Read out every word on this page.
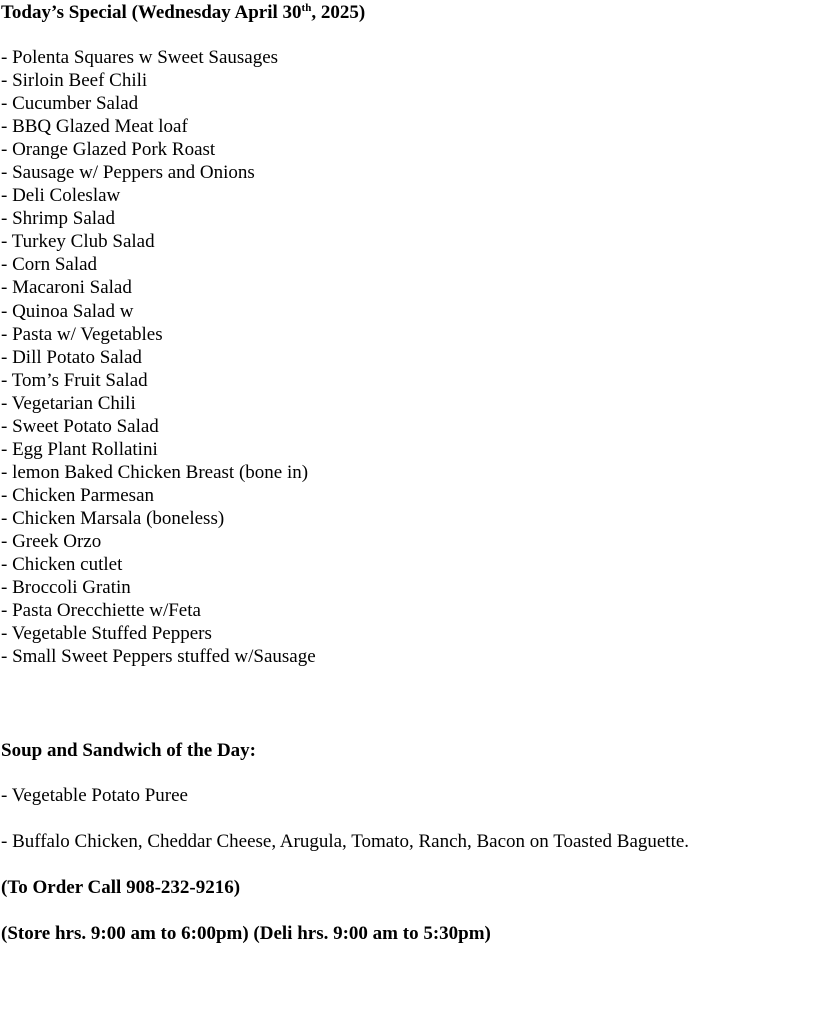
Today’s Special (Wednesday April 30th, 2025)
- Polenta Squares w Sweet Sausages
- Sirloin Beef Chili
- Cucumber Salad
- BBQ Glazed Meat loaf
- Orange Glazed Pork Roast
- Sausage w/ Peppers and Onions
- Deli Coleslaw
- Shrimp Salad
- Turkey Club Salad
- Corn Salad
- Macaroni Salad
- Quinoa Salad w
- Pasta w/ Vegetables
- Dill Potato Salad
- Tom’s Fruit Salad
- Vegetarian Chili
- Sweet Potato Salad
- Egg Plant Rollatini
- lemon Baked Chicken Breast (bone in)
- Chicken Parmesan
- Chicken Marsala (boneless)
- Greek Orzo
- Chicken cutlet
- Broccoli Gratin
- Pasta Orecchiette w/Feta
- Vegetable Stuffed Peppers
- Small Sweet Peppers stuffed w/Sausage
Soup and Sandwich of the Day:
- Vegetable Potato Puree
- Buffalo Chicken, Cheddar Cheese, Arugula, Tomato, Ranch, Bacon on Toasted Baguette.
(To Order Call 908-232-9216)
(Store hrs. 9:00 am to 6:00pm) (Deli hrs. 9:00 am to 5:30pm)
